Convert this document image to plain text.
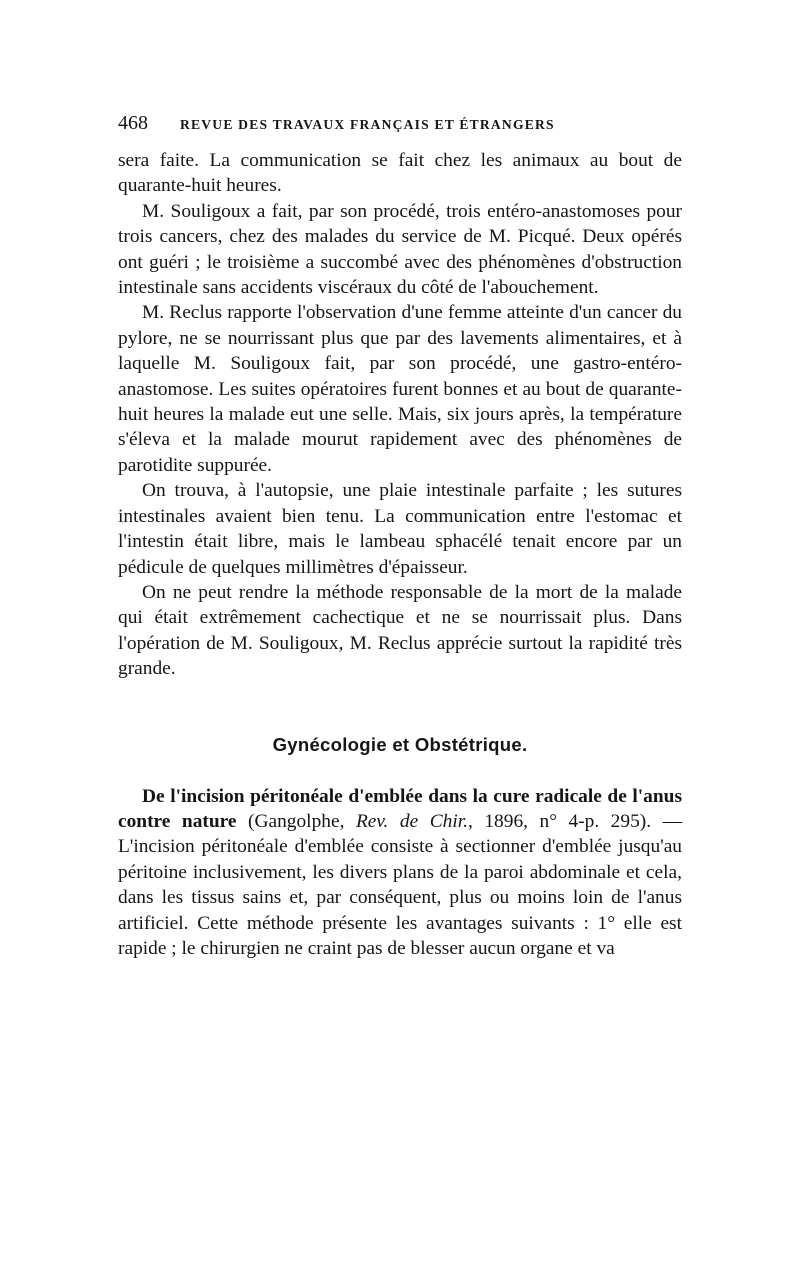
468	REVUE DES TRAVAUX FRANÇAIS ET ÉTRANGERS

sera faite. La communication se fait chez les animaux au bout de quarante-huit heures.

M. Souligoux a fait, par son procédé, trois entéro-anastomoses pour trois cancers, chez des malades du service de M. Picqué. Deux opérés ont guéri ; le troisième a succombé avec des phénomènes d'obstruction intestinale sans accidents viscéraux du côté de l'abouchement.

M. Reclus rapporte l'observation d'une femme atteinte d'un cancer du pylore, ne se nourrissant plus que par des lavements alimentaires, et à laquelle M. Souligoux fait, par son procédé, une gastro-entéro-anastomose. Les suites opératoires furent bonnes et au bout de quarante-huit heures la malade eut une selle. Mais, six jours après, la température s'éleva et la malade mourut rapidement avec des phénomènes de parotidite suppurée.

On trouva, à l'autopsie, une plaie intestinale parfaite ; les sutures intestinales avaient bien tenu. La communication entre l'estomac et l'intestin était libre, mais le lambeau sphacélé tenait encore par un pédicule de quelques millimètres d'épaisseur.

On ne peut rendre la méthode responsable de la mort de la malade qui était extrêmement cachectique et ne se nourrissait plus. Dans l'opération de M. Souligoux, M. Reclus apprécie surtout la rapidité très grande.

Gynécologie et Obstétrique.

De l'incision péritonéale d'emblée dans la cure radicale de l'anus contre nature (Gangolphe, Rev. de Chir., 1896, n° 4-p. 295). — L'incision péritonéale d'emblée consiste à sectionner d'emblée jusqu'au péritoine inclusivement, les divers plans de la paroi abdominale et cela, dans les tissus sains et, par conséquent, plus ou moins loin de l'anus artificiel. Cette méthode présente les avantages suivants : 1° elle est rapide ; le chirurgien ne craint pas de blesser aucun organe et va
